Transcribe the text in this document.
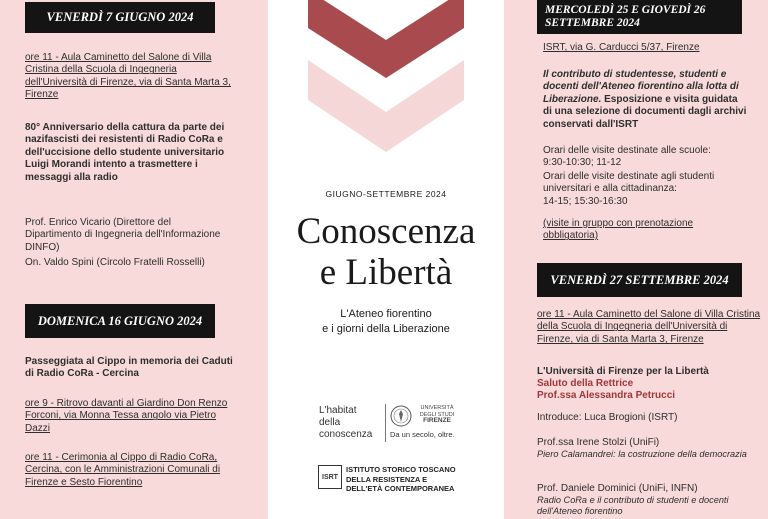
VENERDÌ 7 GIUGNO 2024
ore 11 - Aula Caminetto del Salone di Villa Cristina della Scuola di Ingegneria dell'Università di Firenze, via di Santa Marta 3, Firenze
80° Anniversario della cattura da parte dei nazifascisti dei resistenti di Radio CoRa e dell'uccisione dello studente universitario Luigi Morandi intento a trasmettere i messaggi alla radio
Prof. Enrico Vicario (Direttore del Dipartimento di Ingegneria dell'Informazione DINFO)
On. Valdo Spini (Circolo Fratelli Rosselli)
DOMENICA 16 GIUGNO 2024
Passeggiata al Cippo in memoria dei Caduti di Radio CoRa - Cercina
ore 9 - Ritrovo davanti al Giardino Don Renzo Forconi, via Monna Tessa angolo via Pietro Dazzi
ore 11 - Cerimonia al Cippo di Radio CoRa, Cercina, con le Amministrazioni Comunali di Firenze e Sesto Fiorentino
GIUGNO-SETTEMBRE 2024
Conoscenza
e Libertà
L'Ateneo fiorentino
e i giorni della Liberazione
L'habitat
della
conoscenza
UNIVERSITÀ
DEGLI STUDI
FIRENZE
Da un secolo, oltre.
ISRT
ISTITUTO STORICO TOSCANO
DELLA RESISTENZA E
DELL'ETÀ CONTEMPORANEA
MERCOLEDÌ 25 E GIOVEDÌ 26 SETTEMBRE 2024
ISRT, via G. Carducci 5/37, Firenze
Il contributo di studentesse, studenti e docenti dell'Ateneo fiorentino alla lotta di Liberazione. Esposizione e visita guidata di una selezione di documenti dagli archivi conservati dall'ISRT
Orari delle visite destinate alle scuole:
9:30-10:30; 11-12
Orari delle visite destinate agli studenti universitari e alla cittadinanza:
14-15; 15:30-16:30
(visite in gruppo con prenotazione obbligatoria)
VENERDÌ 27 SETTEMBRE 2024
ore 11 - Aula Caminetto del Salone di Villa Cristina della Scuola di Ingegneria dell'Università di Firenze, via di Santa Marta 3, Firenze
L'Università di Firenze per la Libertà
Saluto della Rettrice
Prof.ssa Alessandra Petrucci
Introduce: Luca Brogioni (ISRT)
Prof.ssa Irene Stolzi (UniFi)
Piero Calamandrei: la costruzione della democrazia
Prof. Daniele Dominici (UniFi, INFN)
Radio CoRa e il contributo di studenti e docenti dell'Ateneo fiorentino
